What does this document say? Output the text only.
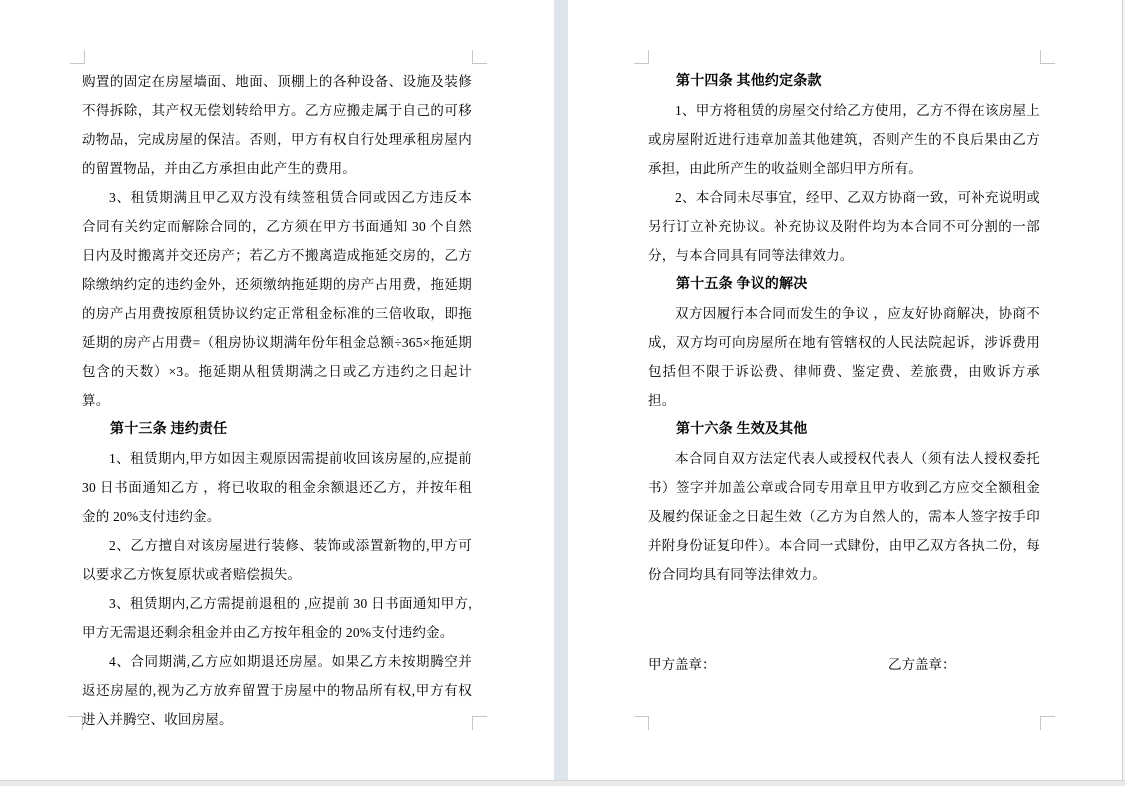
购置的固定在房屋墙面、地面、顶棚上的各种设备、设施及装修不得拆除，其产权无偿划转给甲方。乙方应搬走属于自己的可移动物品，完成房屋的保洁。否则，甲方有权自行处理承租房屋内的留置物品，并由乙方承担由此产生的费用。

3、租赁期满且甲乙双方没有续签租赁合同或因乙方违反本合同有关约定而解除合同的，乙方须在甲方书面通知 30 个自然日内及时搬离并交还房产；若乙方不搬离造成拖延交房的，乙方除缴纳约定的违约金外，还须缴纳拖延期的房产占用费，拖延期的房产占用费按原租赁协议约定正常租金标准的三倍收取，即拖延期的房产占用费=（租房协议期满年份年租金总额÷365×拖延期包含的天数）×3。拖延期从租赁期满之日或乙方违约之日起计算。

第十三条 违约责任

1、租赁期内,甲方如因主观原因需提前收回该房屋的,应提前 30 日书面通知乙方 ，将已收取的租金余额退还乙方，并按年租金的 20%支付违约金。

2、乙方擅自对该房屋进行装修、装饰或添置新物的,甲方可以要求乙方恢复原状或者赔偿损失。

3、租赁期内,乙方需提前退租的 ,应提前 30 日书面通知甲方,甲方无需退还剩余租金并由乙方按年租金的 20%支付违约金。

4、合同期满,乙方应如期退还房屋。如果乙方未按期腾空并返还房屋的,视为乙方放弃留置于房屋中的物品所有权,甲方有权进入并腾空、收回房屋。

第十四条 其他约定条款

1、甲方将租赁的房屋交付给乙方使用，乙方不得在该房屋上或房屋附近进行违章加盖其他建筑，否则产生的不良后果由乙方承担，由此所产生的收益则全部归甲方所有。

2、本合同未尽事宜，经甲、乙双方协商一致，可补充说明或另行订立补充协议。补充协议及附件均为本合同不可分割的一部分，与本合同具有同等法律效力。

第十五条 争议的解决

双方因履行本合同而发生的争议 ，应友好协商解决，协商不成，双方均可向房屋所在地有管辖权的人民法院起诉，涉诉费用包括但不限于诉讼费、律师费、鉴定费、差旅费，由败诉方承担。

第十六条 生效及其他

本合同自双方法定代表人或授权代表人（须有法人授权委托书）签字并加盖公章或合同专用章且甲方收到乙方应交全额租金及履约保证金之日起生效（乙方为自然人的，需本人签字按手印并附身份证复印件）。本合同一式肆份，由甲乙双方各执二份，每份合同均具有同等法律效力。

甲方盖章：	乙方盖章：
